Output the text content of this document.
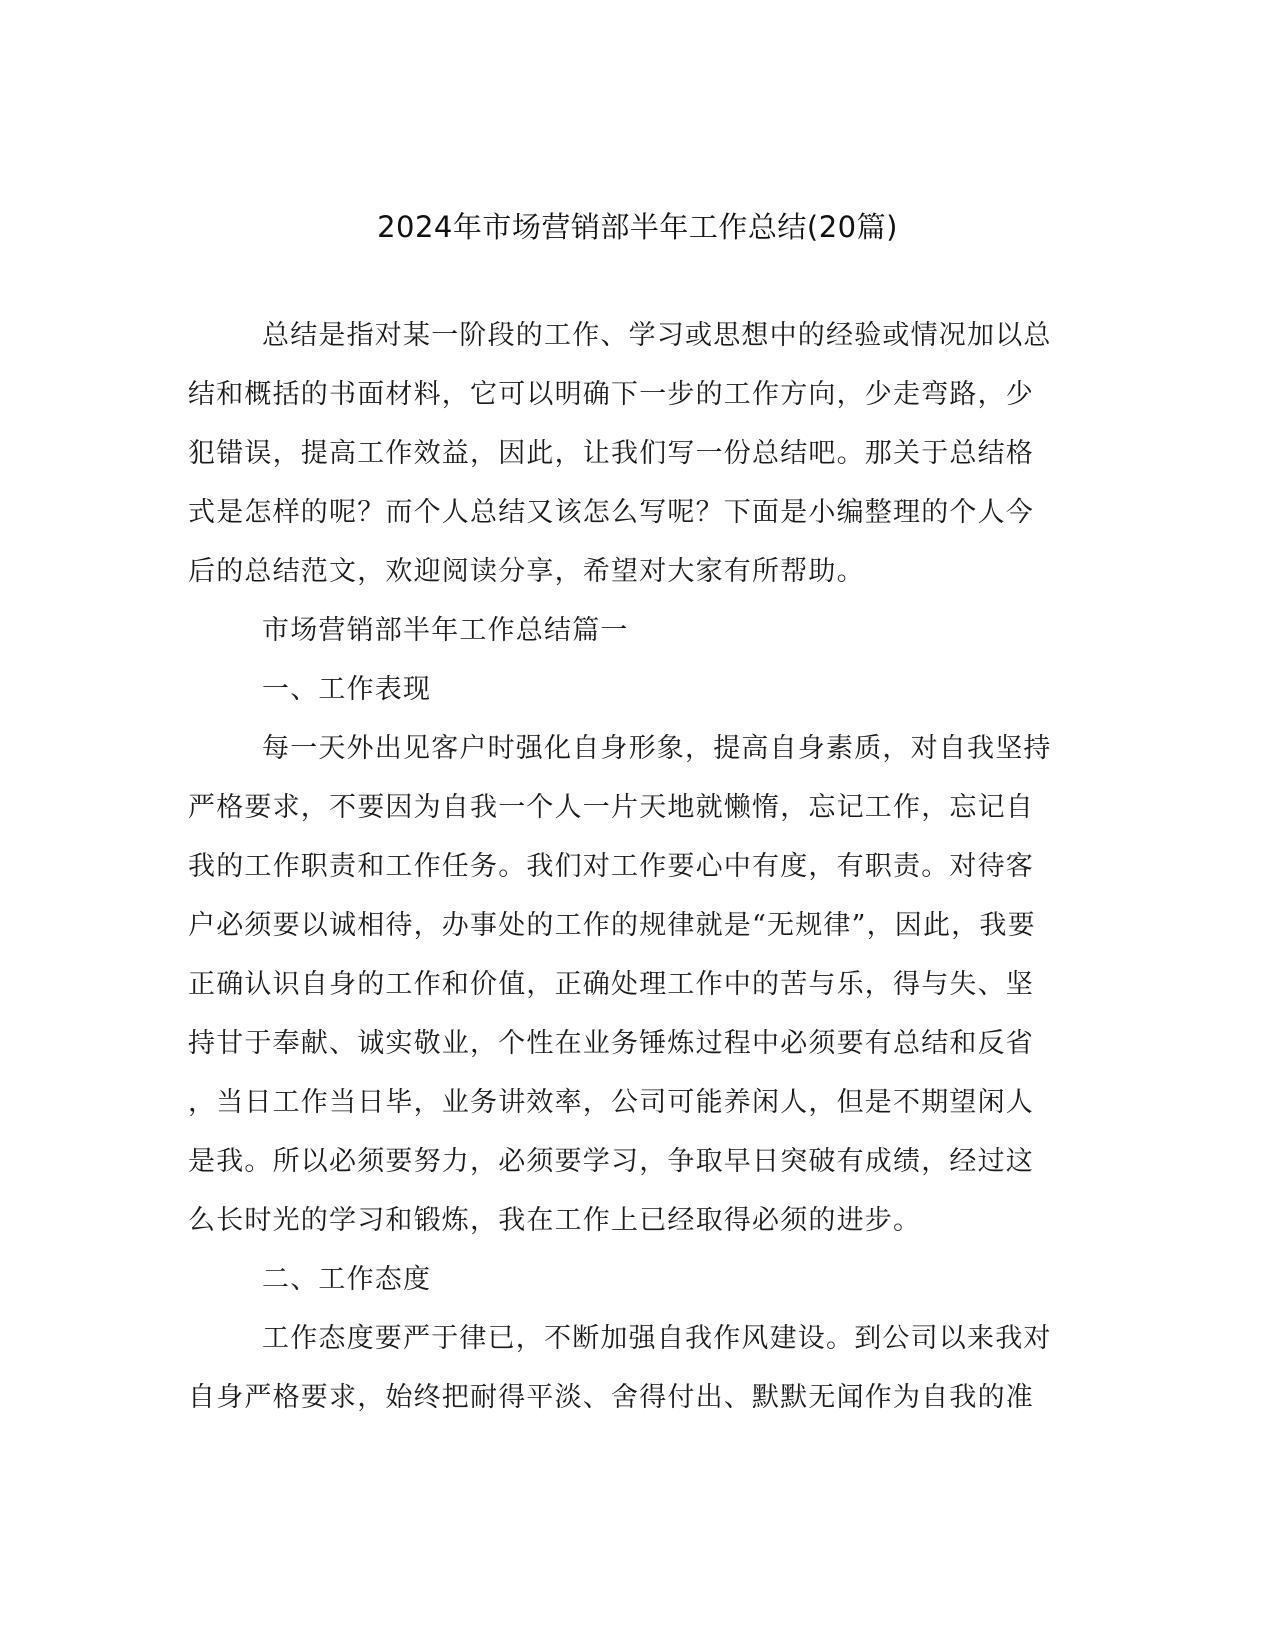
2024年市场营销部半年工作总结(20篇)
总结是指对某一阶段的工作、学习或思想中的经验或情况加以总
结和概括的书面材料，它可以明确下一步的工作方向，少走弯路，少
犯错误，提高工作效益，因此，让我们写一份总结吧。那关于总结格
式是怎样的呢？而个人总结又该怎么写呢？下面是小编整理的个人今
后的总结范文，欢迎阅读分享，希望对大家有所帮助。
市场营销部半年工作总结篇一
一、工作表现
每一天外出见客户时强化自身形象，提高自身素质，对自我坚持
严格要求，不要因为自我一个人一片天地就懒惰，忘记工作，忘记自
我的工作职责和工作任务。我们对工作要心中有度，有职责。对待客
户必须要以诚相待，办事处的工作的规律就是“无规律”，因此，我要
正确认识自身的工作和价值，正确处理工作中的苦与乐，得与失、坚
持甘于奉献、诚实敬业，个性在业务锤炼过程中必须要有总结和反省
，当日工作当日毕，业务讲效率，公司可能养闲人，但是不期望闲人
是我。所以必须要努力，必须要学习，争取早日突破有成绩，经过这
么长时光的学习和锻炼，我在工作上已经取得必须的进步。
二、工作态度
工作态度要严于律已，不断加强自我作风建设。到公司以来我对
自身严格要求，始终把耐得平淡、舍得付出、默默无闻作为自我的准
